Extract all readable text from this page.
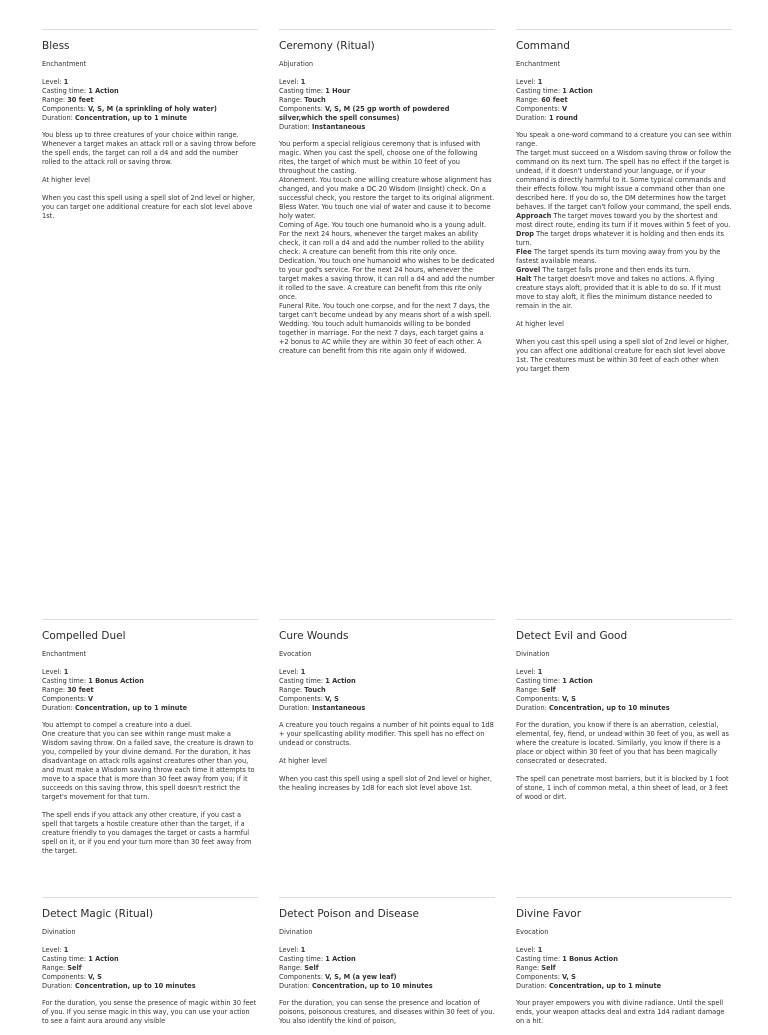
Bless
Enchantment
Level: 1
Casting time: 1 Action
Range: 30 feet
Components: V, S, M (a sprinkling of holy water)
Duration: Concentration, up to 1 minute

You bless up to three creatures of your choice within range. Whenever a target makes an attack roll or a saving throw before the spell ends, the target can roll a d4 and add the number rolled to the attack roll or saving throw.

At higher level

When you cast this spell using a spell slot of 2nd level or higher, you can target one additional creature for each slot level above 1st.

Ceremony (Ritual)
Abjuration
Level: 1
Casting time: 1 Hour
Range: Touch
Components: V, S, M (25 gp worth of powdered silver,which the spell consumes)
Duration: Instantaneous

You perform a special religious ceremony that is infused with magic. When you cast the spell, choose one of the following rites, the target of which must be within 10 feet of you throughout the casting.

Atonement. You touch one willing creature whose alignment has changed, and you make a DC 20 Wisdom (Insight) check. On a successful check, you restore the target to its original alignment.

Bless Water. You touch one vial of water and cause it to become holy water.

Coming of Age. You touch one humanoid who is a young adult. For the next 24 hours, whenever the target makes an ability check, it can roll a d4 and add the number rolled to the ability check. A creature can benefit from this rite only once.

Dedication. You touch one humanoid who wishes to be dedicated to your god's service. For the next 24 hours, whenever the target makes a saving throw, it can roll a d4 and add the number it rolled to the save. A creature can benefit from this rite only once.

Funeral Rite. You touch one corpse, and for the next 7 days, the target can't become undead by any means short of a wish spell.

Wedding. You touch adult humanoids willing to be bonded together in marriage. For the next 7 days, each target gains a +2 bonus to AC while they are within 30 feet of each other. A creature can benefit from this rite again only if widowed.

Command
Enchantment
Level: 1
Casting time: 1 Action
Range: 60 feet
Components: V
Duration: 1 round

You speak a one-word command to a creature you can see within range.

The target must succeed on a Wisdom saving throw or follow the command on its next turn. The spell has no effect if the target is undead, if it doesn't understand your language, or if your command is directly harmful to it. Some typical commands and their effects follow. You might issue a command other than one described here. If you do so, the DM determines how the target behaves. If the target can't follow your command, the spell ends.

Approach The target moves toward you by the shortest and most direct route, ending its turn if it moves within 5 feet of you.

Drop The target drops whatever it is holding and then ends its turn.

Flee The target spends its turn moving away from you by the fastest available means.

Grovel The target falls prone and then ends its turn.

Halt The target doesn't move and takes no actions. A flying creature stays aloft, provided that it is able to do so. If it must move to stay aloft, it flies the minimum distance needed to remain in the air.

At higher level

When you cast this spell using a spell slot of 2nd level or higher, you can affect one additional creature for each slot level above 1st. The creatures must be within 30 feet of each other when you target them

Compelled Duel
Enchantment
Level: 1
Casting time: 1 Bonus Action
Range: 30 feet
Components: V
Duration: Concentration, up to 1 minute

You attempt to compel a creature into a duel.

One creature that you can see within range must make a Wisdom saving throw. On a failed save, the creature is drawn to you, compelled by your divine demand. For the duration, it has disadvantage on attack rolls against creatures other than you, and must make a Wisdom saving throw each time it attempts to move to a space that is more than 30 feet away from you; if it succeeds on this saving throw, this spell doesn't restrict the target's movement for that turn.

The spell ends if you attack any other creature, if you cast a spell that targets a hostile creature other than the target, if a creature friendly to you damages the target or casts a harmful spell on it, or if you end your turn more than 30 feet away from the target.

Cure Wounds
Evocation
Level: 1
Casting time: 1 Action
Range: Touch
Components: V, S
Duration: Instantaneous

A creature you touch regains a number of hit points equal to 1d8 + your spellcasting ability modifier. This spell has no effect on undead or constructs.

At higher level

When you cast this spell using a spell slot of 2nd level or higher, the healing increases by 1d8 for each slot level above 1st.

Detect Evil and Good
Divination
Level: 1
Casting time: 1 Action
Range: Self
Components: V, S
Duration: Concentration, up to 10 minutes

For the duration, you know if there is an aberration, celestial, elemental, fey, fiend, or undead within 30 feet of you, as well as where the creature is located. Similarly, you know if there is a place or object within 30 feet of you that has been magically consecrated or desecrated.

The spell can penetrate most barriers, but it is blocked by 1 foot of stone, 1 inch of common metal, a thin sheet of lead, or 3 feet of wood or dirt.

Detect Magic (Ritual)
Divination
Level: 1
Casting time: 1 Action
Range: Self
Components: V, S
Duration: Concentration, up to 10 minutes

For the duration, you sense the presence of magic within 30 feet of you. If you sense magic in this way, you can use your action to see a faint aura around any visible

Detect Poison and Disease
Divination
Level: 1
Casting time: 1 Action
Range: Self
Components: V, S, M (a yew leaf)
Duration: Concentration, up to 10 minutes

For the duration, you can sense the presence and location of poisons, poisonous creatures, and diseases within 30 feet of you. You also identify the kind of poison,

Divine Favor
Evocation
Level: 1
Casting time: 1 Bonus Action
Range: Self
Components: V, S
Duration: Concentration, up to 1 minute

Your prayer empowers you with divine radiance. Until the spell ends, your weapon attacks deal and extra 1d4 radiant damage on a hit.
